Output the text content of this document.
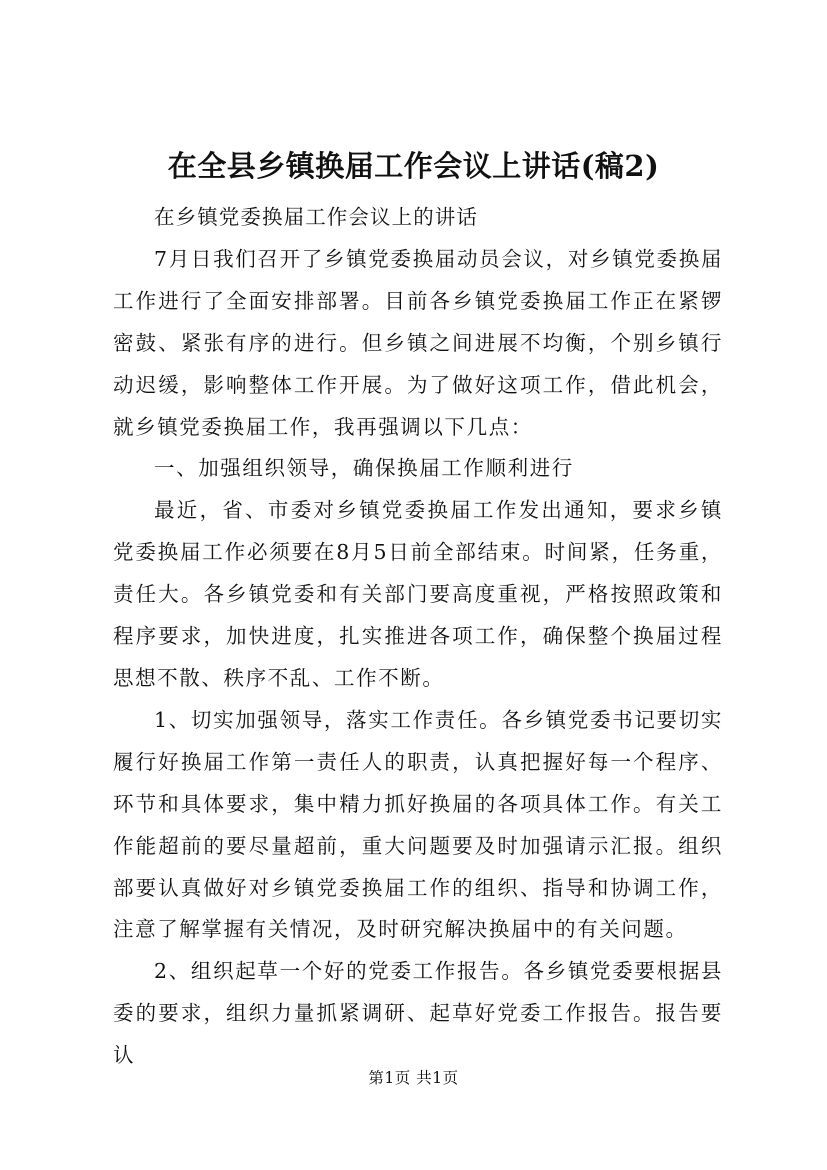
在全县乡镇换届工作会议上讲话(稿2)

在乡镇党委换届工作会议上的讲话

7月日我们召开了乡镇党委换届动员会议，对乡镇党委换届工作进行了全面安排部署。目前各乡镇党委换届工作正在紧锣密鼓、紧张有序的进行。但乡镇之间进展不均衡，个别乡镇行动迟缓，影响整体工作开展。为了做好这项工作，借此机会，就乡镇党委换届工作，我再强调以下几点：

一、加强组织领导，确保换届工作顺利进行

最近，省、市委对乡镇党委换届工作发出通知，要求乡镇党委换届工作必须要在8月5日前全部结束。时间紧，任务重，责任大。各乡镇党委和有关部门要高度重视，严格按照政策和程序要求，加快进度，扎实推进各项工作，确保整个换届过程思想不散、秩序不乱、工作不断。

1、切实加强领导，落实工作责任。各乡镇党委书记要切实履行好换届工作第一责任人的职责，认真把握好每一个程序、环节和具体要求，集中精力抓好换届的各项具体工作。有关工作能超前的要尽量超前，重大问题要及时加强请示汇报。组织部要认真做好对乡镇党委换届工作的组织、指导和协调工作，注意了解掌握有关情况，及时研究解决换届中的有关问题。

2、组织起草一个好的党委工作报告。各乡镇党委要根据县委的要求，组织力量抓紧调研、起草好党委工作报告。报告要认

第1页 共1页
